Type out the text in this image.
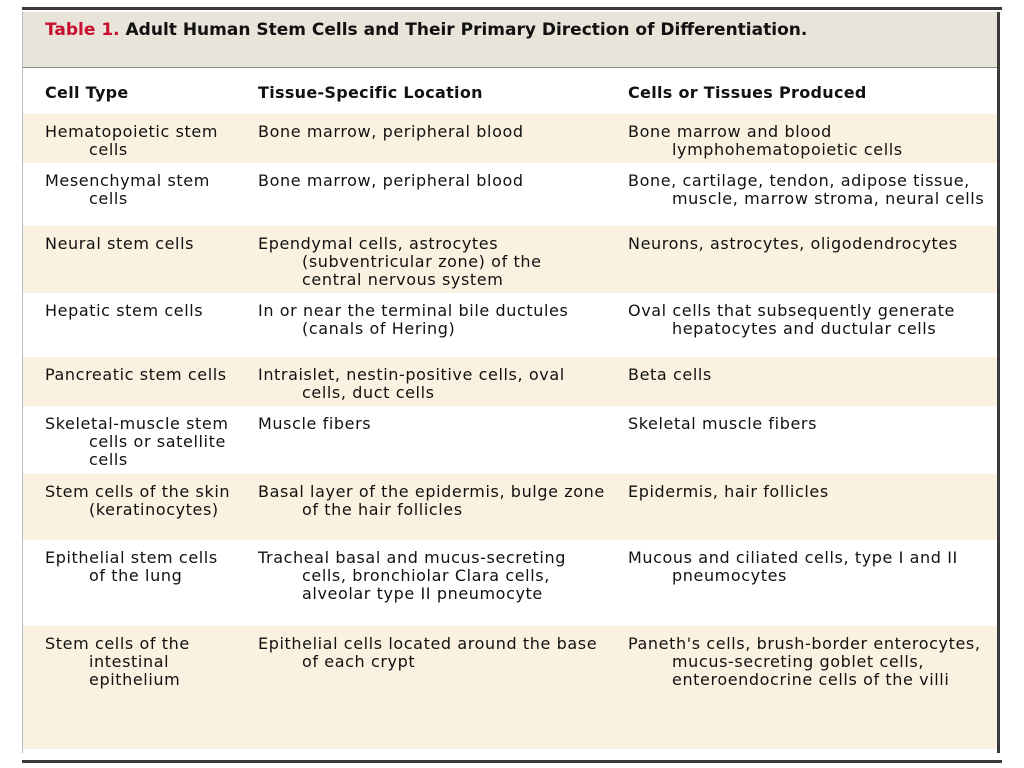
Table 1. Adult Human Stem Cells and Their Primary Direction of Differentiation.
Cell Type	Tissue-Specific Location	Cells or Tissues Produced

Hematopoietic stem cells	Bone marrow, peripheral blood	Bone marrow and blood lymphohematopoietic cells

Mesenchymal stem cells	Bone marrow, peripheral blood	Bone, cartilage, tendon, adipose tissue, muscle, marrow stroma, neural cells

Neural stem cells	Ependymal cells, astrocytes (subventricular zone) of the central nervous system	Neurons, astrocytes, oligodendrocytes

Hepatic stem cells	In or near the terminal bile ductules (canals of Hering)	Oval cells that subsequently generate hepatocytes and ductular cells

Pancreatic stem cells	Intraislet, nestin-positive cells, oval cells, duct cells	Beta cells

Skeletal-muscle stem cells or satellite cells	Muscle fibers	Skeletal muscle fibers

Stem cells of the skin (keratinocytes)	Basal layer of the epidermis, bulge zone of the hair follicles	Epidermis, hair follicles

Epithelial stem cells of the lung	Tracheal basal and mucus-secreting cells, bronchiolar Clara cells, alveolar type II pneumocyte	Mucous and ciliated cells, type I and II pneumocytes

Stem cells of the intestinal epithelium	Epithelial cells located around the base of each crypt	Paneth's cells, brush-border enterocytes, mucus-secreting goblet cells, enteroendocrine cells of the villi
